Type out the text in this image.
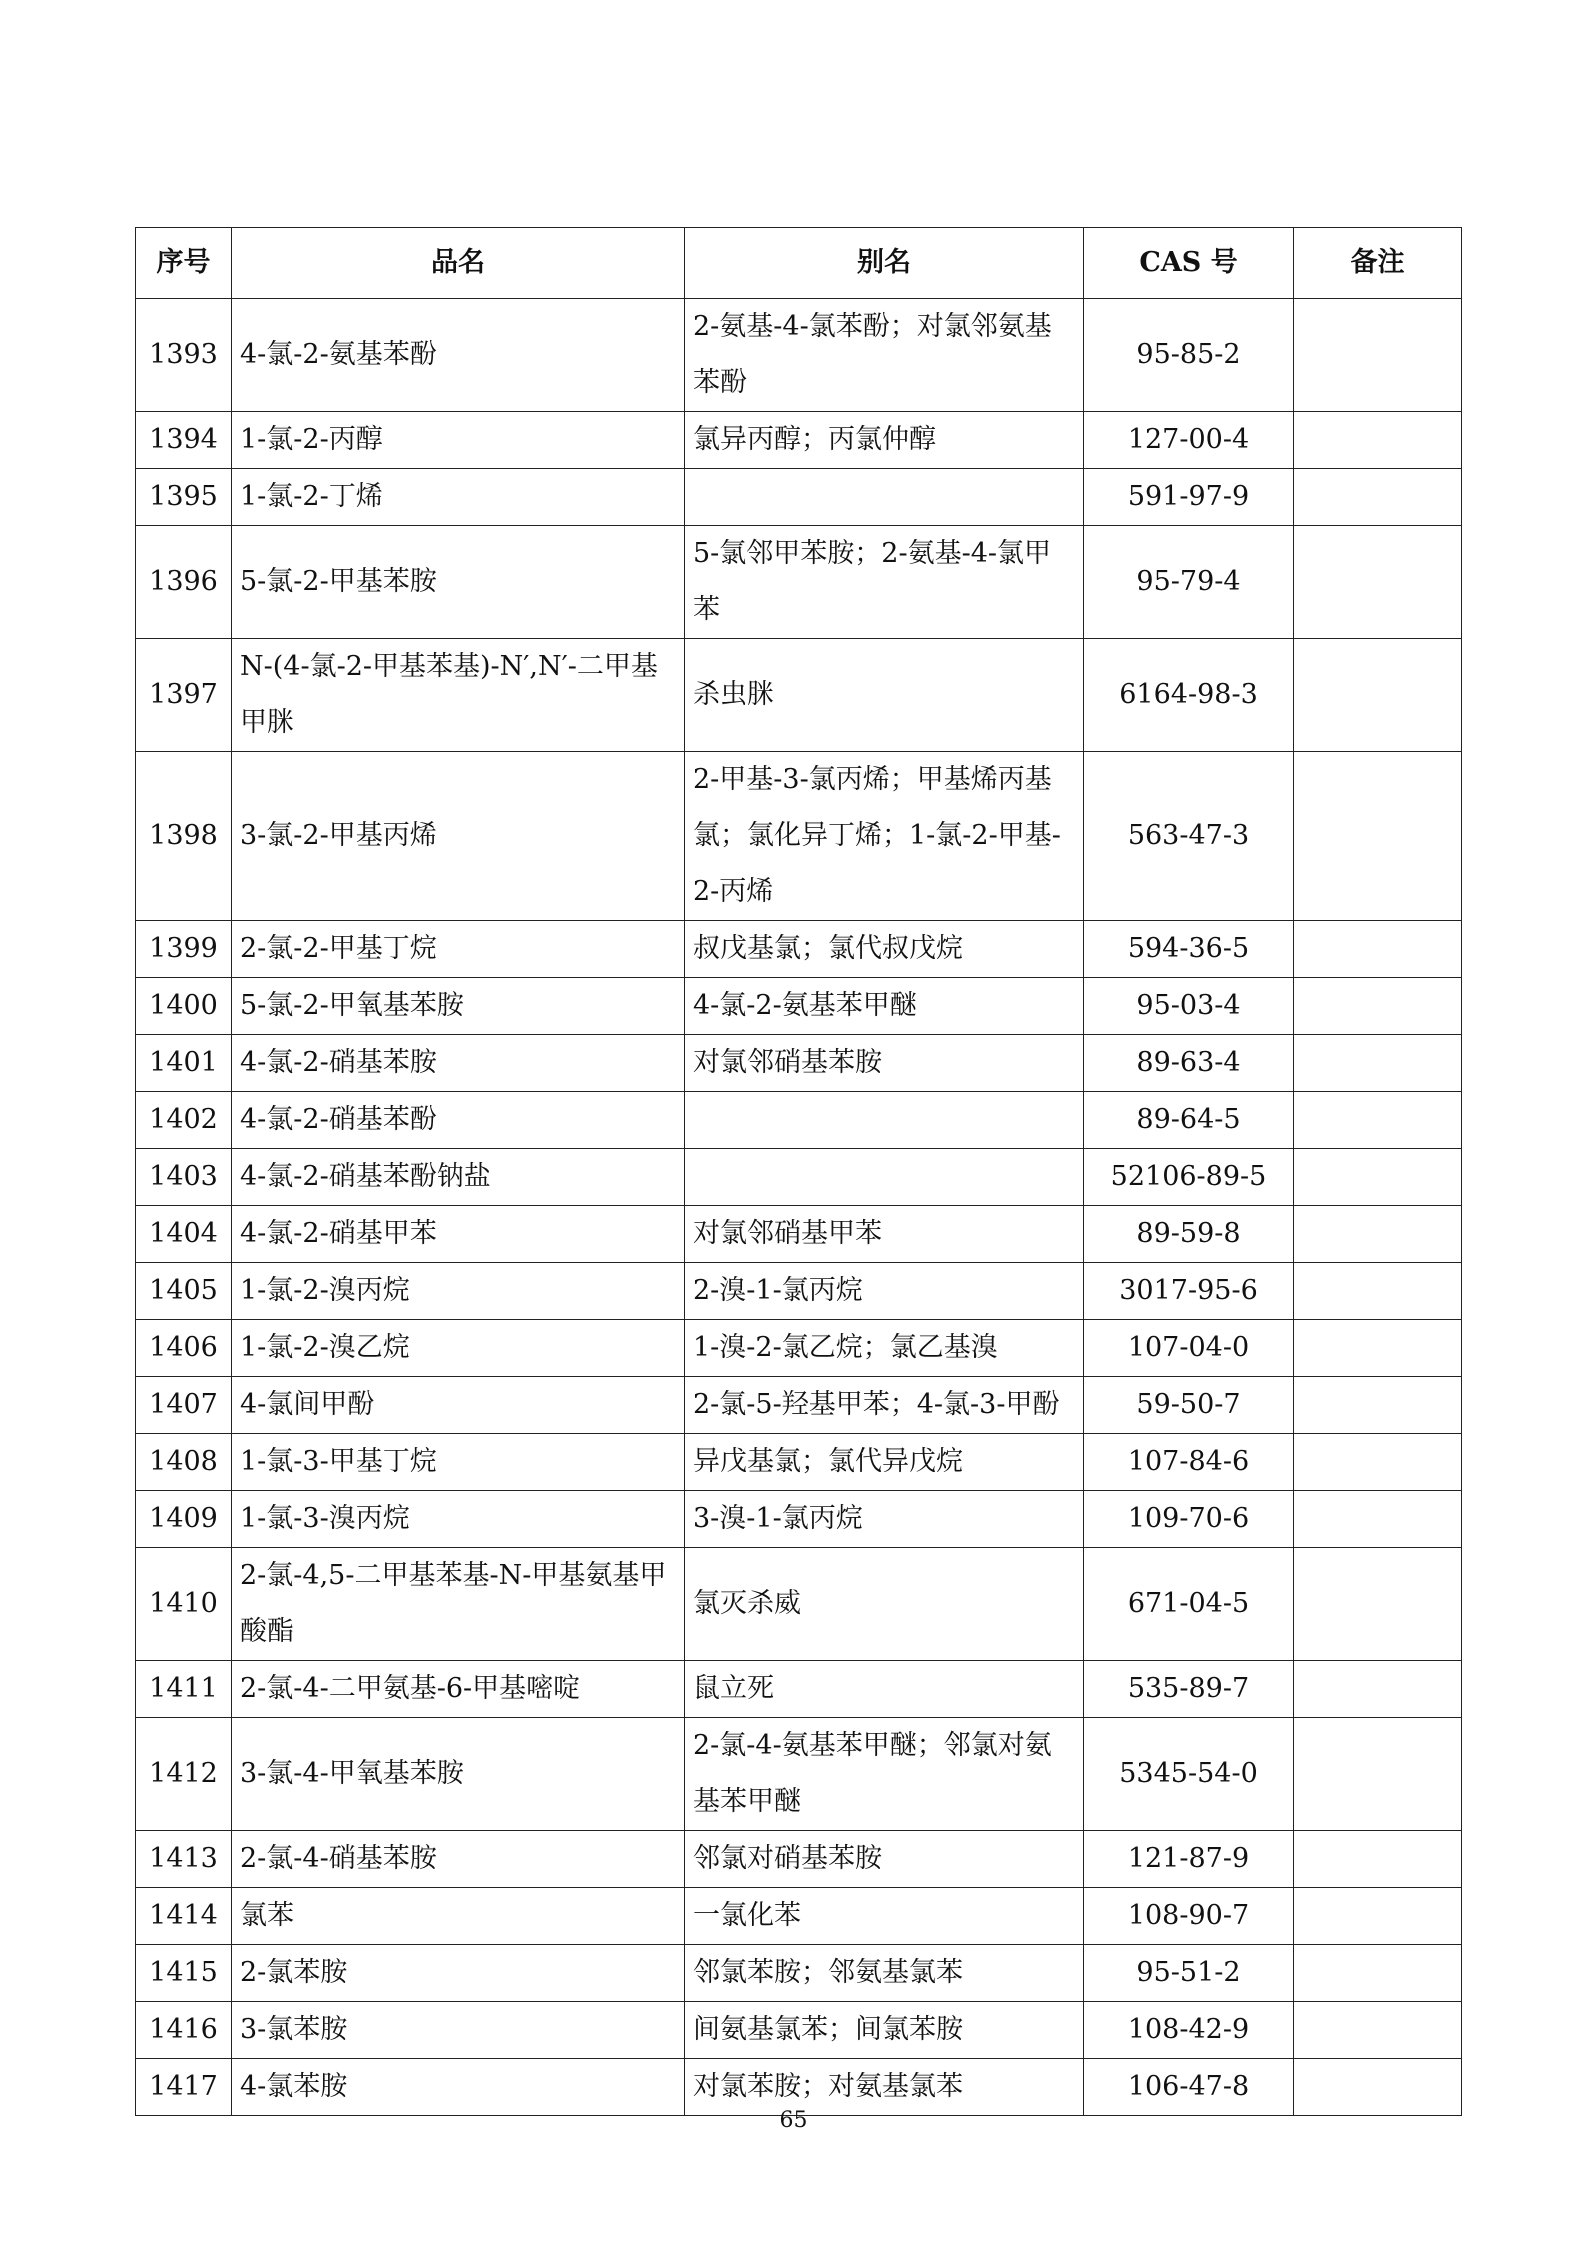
序号	品名	别名	CAS 号	备注
1393	4-氯-2-氨基苯酚	2-氨基-4-氯苯酚；对氯邻氨基苯酚	95-85-2	
1394	1-氯-2-丙醇	氯异丙醇；丙氯仲醇	127-00-4	
1395	1-氯-2-丁烯		591-97-9	
1396	5-氯-2-甲基苯胺	5-氯邻甲苯胺；2-氨基-4-氯甲苯	95-79-4	
1397	N-(4-氯-2-甲基苯基)-N′,N′-二甲基甲脒	杀虫脒	6164-98-3	
1398	3-氯-2-甲基丙烯	2-甲基-3-氯丙烯；甲基烯丙基氯；氯化异丁烯；1-氯-2-甲基-2-丙烯	563-47-3	
1399	2-氯-2-甲基丁烷	叔戊基氯；氯代叔戊烷	594-36-5	
1400	5-氯-2-甲氧基苯胺	4-氯-2-氨基苯甲醚	95-03-4	
1401	4-氯-2-硝基苯胺	对氯邻硝基苯胺	89-63-4	
1402	4-氯-2-硝基苯酚		89-64-5	
1403	4-氯-2-硝基苯酚钠盐		52106-89-5	
1404	4-氯-2-硝基甲苯	对氯邻硝基甲苯	89-59-8	
1405	1-氯-2-溴丙烷	2-溴-1-氯丙烷	3017-95-6	
1406	1-氯-2-溴乙烷	1-溴-2-氯乙烷；氯乙基溴	107-04-0	
1407	4-氯间甲酚	2-氯-5-羟基甲苯；4-氯-3-甲酚	59-50-7	
1408	1-氯-3-甲基丁烷	异戊基氯；氯代异戊烷	107-84-6	
1409	1-氯-3-溴丙烷	3-溴-1-氯丙烷	109-70-6	
1410	2-氯-4,5-二甲基苯基-N-甲基氨基甲酸酯	氯灭杀威	671-04-5	
1411	2-氯-4-二甲氨基-6-甲基嘧啶	鼠立死	535-89-7	
1412	3-氯-4-甲氧基苯胺	2-氯-4-氨基苯甲醚；邻氯对氨基苯甲醚	5345-54-0	
1413	2-氯-4-硝基苯胺	邻氯对硝基苯胺	121-87-9	
1414	氯苯	一氯化苯	108-90-7	
1415	2-氯苯胺	邻氯苯胺；邻氨基氯苯	95-51-2	
1416	3-氯苯胺	间氨基氯苯；间氯苯胺	108-42-9	
1417	4-氯苯胺	对氯苯胺；对氨基氯苯	106-47-8	
65
